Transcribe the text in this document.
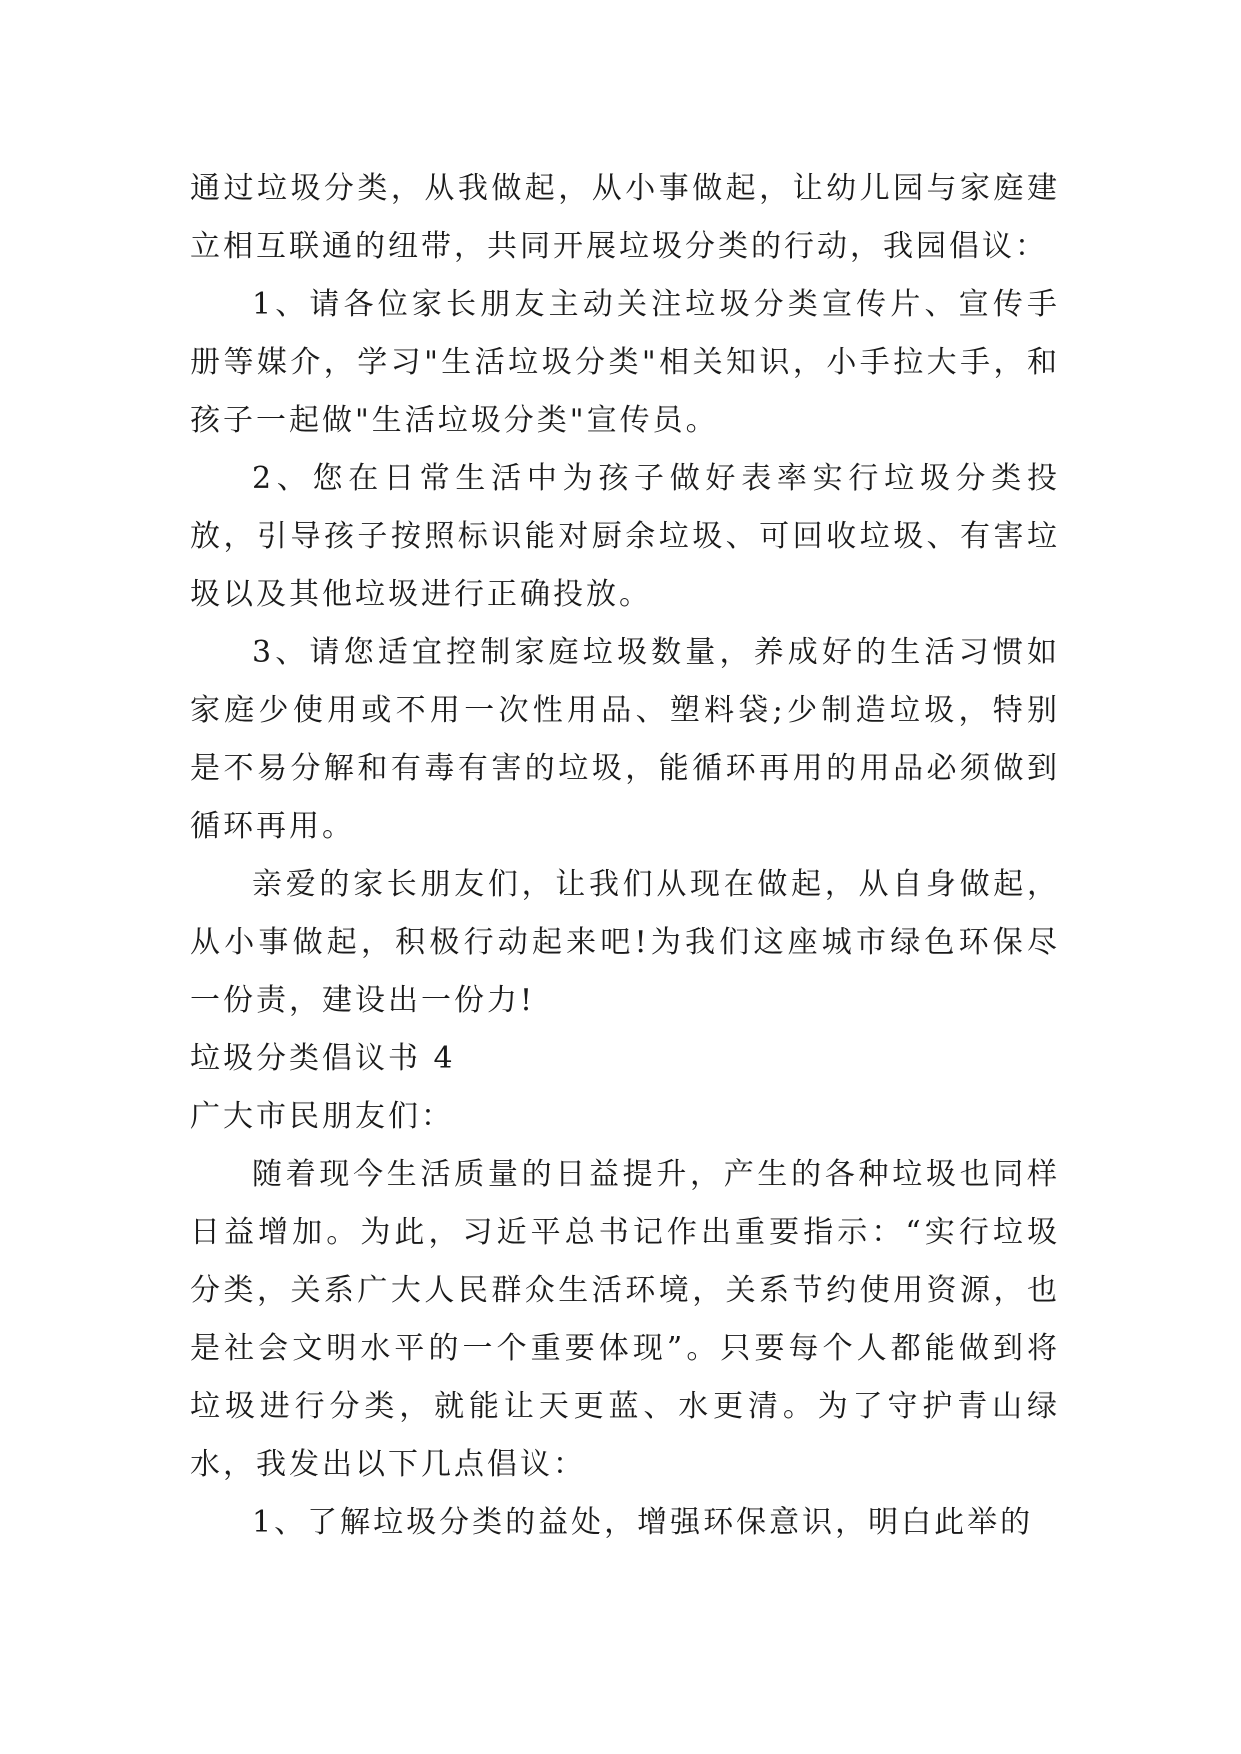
通过垃圾分类，从我做起，从小事做起，让幼儿园与家庭建立相互联通的纽带，共同开展垃圾分类的行动，我园倡议：

1、请各位家长朋友主动关注垃圾分类宣传片、宣传手册等媒介，学习"生活垃圾分类"相关知识，小手拉大手，和孩子一起做"生活垃圾分类"宣传员。

2、您在日常生活中为孩子做好表率实行垃圾分类投放，引导孩子按照标识能对厨余垃圾、可回收垃圾、有害垃圾以及其他垃圾进行正确投放。

3、请您适宜控制家庭垃圾数量，养成好的生活习惯如家庭少使用或不用一次性用品、塑料袋;少制造垃圾，特别是不易分解和有毒有害的垃圾，能循环再用的用品必须做到循环再用。

亲爱的家长朋友们，让我们从现在做起，从自身做起，从小事做起，积极行动起来吧!为我们这座城市绿色环保尽一份责，建设出一份力!

垃圾分类倡议书 4

广大市民朋友们：

随着现今生活质量的日益提升，产生的各种垃圾也同样日益增加。为此，习近平总书记作出重要指示：“实行垃圾分类，关系广大人民群众生活环境，关系节约使用资源，也是社会文明水平的一个重要体现”。只要每个人都能做到将垃圾进行分类，就能让天更蓝、水更清。为了守护青山绿水，我发出以下几点倡议：

1、了解垃圾分类的益处，增强环保意识，明白此举的
